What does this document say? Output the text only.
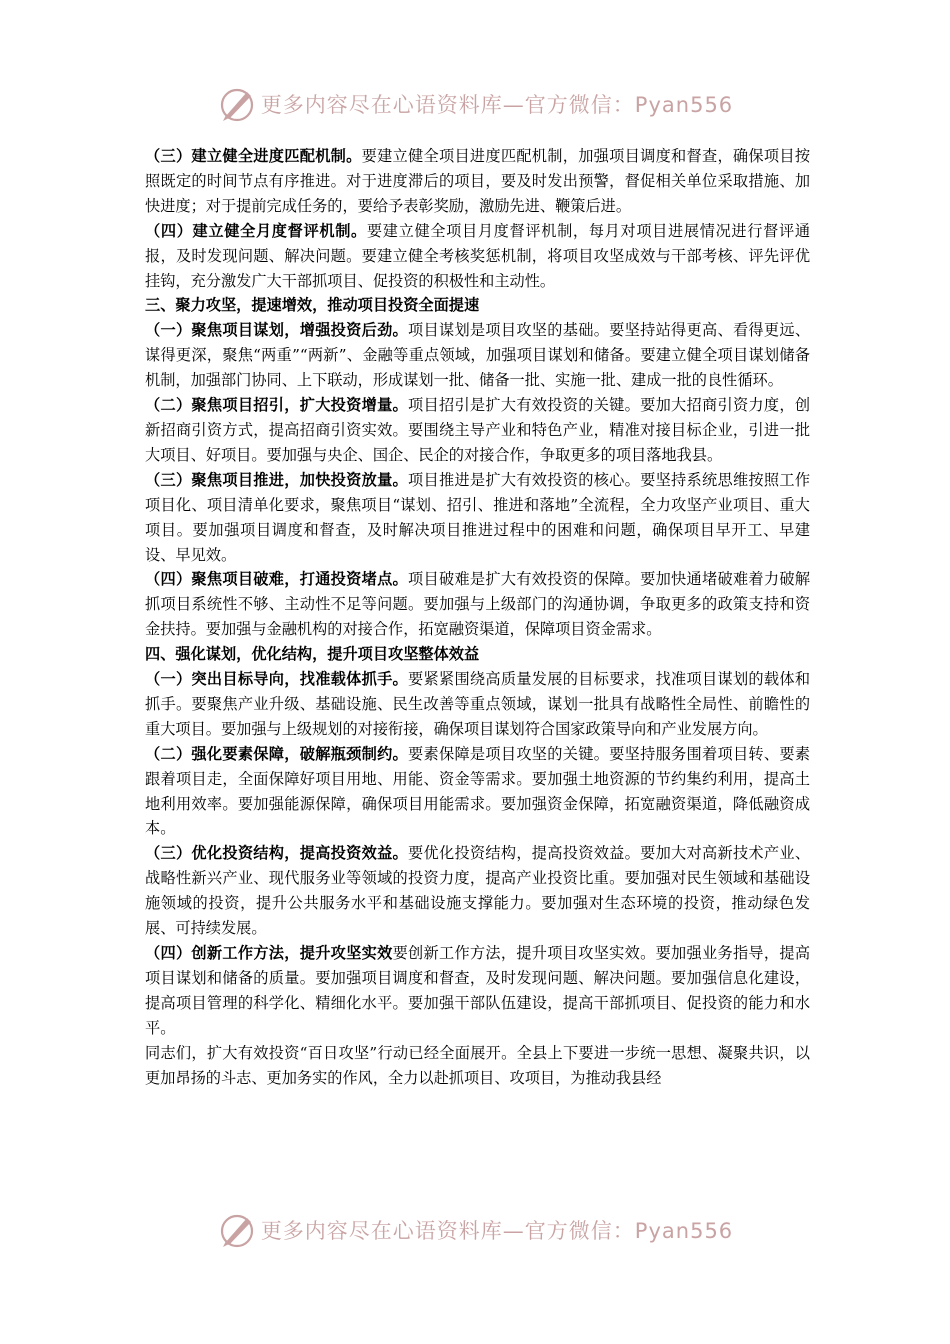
更多内容尽在心语资料库—官方微信：Pyan556

（三）建立健全进度匹配机制。要建立健全项目进度匹配机制，加强项目调度和督查，确保项目按照既定的时间节点有序推进。对于进度滞后的项目，要及时发出预警，督促相关单位采取措施、加快进度；对于提前完成任务的，要给予表彰奖励，激励先进、鞭策后进。

（四）建立健全月度督评机制。要建立健全项目月度督评机制，每月对项目进展情况进行督评通报，及时发现问题、解决问题。要建立健全考核奖惩机制，将项目攻坚成效与干部考核、评先评优挂钩，充分激发广大干部抓项目、促投资的积极性和主动性。

三、聚力攻坚，提速增效，推动项目投资全面提速

（一）聚焦项目谋划，增强投资后劲。项目谋划是项目攻坚的基础。要坚持站得更高、看得更远、谋得更深，聚焦“两重”“两新”、金融等重点领域，加强项目谋划和储备。要建立健全项目谋划储备机制，加强部门协同、上下联动，形成谋划一批、储备一批、实施一批、建成一批的良性循环。

（二）聚焦项目招引，扩大投资增量。项目招引是扩大有效投资的关键。要加大招商引资力度，创新招商引资方式，提高招商引资实效。要围绕主导产业和特色产业，精准对接目标企业，引进一批大项目、好项目。要加强与央企、国企、民企的对接合作，争取更多的项目落地我县。

（三）聚焦项目推进，加快投资放量。项目推进是扩大有效投资的核心。要坚持系统思维按照工作项目化、项目清单化要求，聚焦项目“谋划、招引、推进和落地”全流程，全力攻坚产业项目、重大项目。要加强项目调度和督查，及时解决项目推进过程中的困难和问题，确保项目早开工、早建设、早见效。

（四）聚焦项目破难，打通投资堵点。项目破难是扩大有效投资的保障。要加快通堵破难着力破解抓项目系统性不够、主动性不足等问题。要加强与上级部门的沟通协调，争取更多的政策支持和资金扶持。要加强与金融机构的对接合作，拓宽融资渠道，保障项目资金需求。

四、强化谋划，优化结构，提升项目攻坚整体效益

（一）突出目标导向，找准载体抓手。要紧紧围绕高质量发展的目标要求，找准项目谋划的载体和抓手。要聚焦产业升级、基础设施、民生改善等重点领域，谋划一批具有战略性全局性、前瞻性的重大项目。要加强与上级规划的对接衔接，确保项目谋划符合国家政策导向和产业发展方向。

（二）强化要素保障，破解瓶颈制约。要素保障是项目攻坚的关键。要坚持服务围着项目转、要素跟着项目走，全面保障好项目用地、用能、资金等需求。要加强土地资源的节约集约利用，提高土地利用效率。要加强能源保障，确保项目用能需求。要加强资金保障，拓宽融资渠道，降低融资成本。

（三）优化投资结构，提高投资效益。要优化投资结构，提高投资效益。要加大对高新技术产业、战略性新兴产业、现代服务业等领域的投资力度，提高产业投资比重。要加强对民生领域和基础设施领域的投资，提升公共服务水平和基础设施支撑能力。要加强对生态环境的投资，推动绿色发展、可持续发展。

（四）创新工作方法，提升攻坚实效要创新工作方法，提升项目攻坚实效。要加强业务指导，提高项目谋划和储备的质量。要加强项目调度和督查，及时发现问题、解决问题。要加强信息化建设，提高项目管理的科学化、精细化水平。要加强干部队伍建设，提高干部抓项目、促投资的能力和水平。

同志们，扩大有效投资“百日攻坚”行动已经全面展开。全县上下要进一步统一思想、凝聚共识，以更加昂扬的斗志、更加务实的作风，全力以赴抓项目、攻项目，为推动我县经

更多内容尽在心语资料库—官方微信：Pyan556
